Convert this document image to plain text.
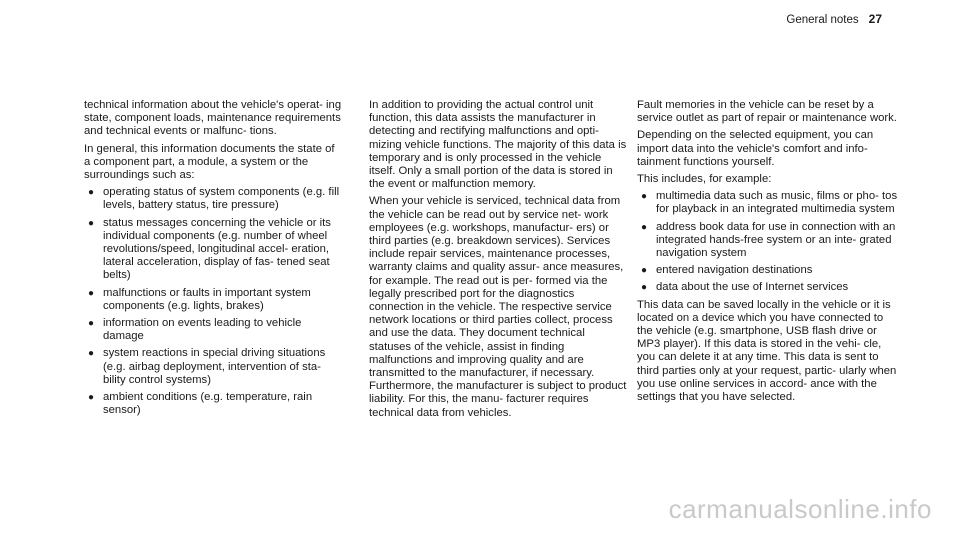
General notes 27

technical information about the vehicle's operat- ing state, component loads, maintenance requirements and technical events or malfunc- tions.

In general, this information documents the state of a component part, a module, a system or the surroundings such as:

● operating status of system components (e.g. fill levels, battery status, tire pressure)
● status messages concerning the vehicle or its individual components (e.g. number of wheel revolutions/speed, longitudinal accel- eration, lateral acceleration, display of fas- tened seat belts)
● malfunctions or faults in important system components (e.g. lights, brakes)
● information on events leading to vehicle damage
● system reactions in special driving situations (e.g. airbag deployment, intervention of sta- bility control systems)
● ambient conditions (e.g. temperature, rain sensor)

In addition to providing the actual control unit function, this data assists the manufacturer in detecting and rectifying malfunctions and opti- mizing vehicle functions. The majority of this data is temporary and is only processed in the vehicle itself. Only a small portion of the data is stored in the event or malfunction memory.

When your vehicle is serviced, technical data from the vehicle can be read out by service net- work employees (e.g. workshops, manufactur- ers) or third parties (e.g. breakdown services). Services include repair services, maintenance processes, warranty claims and quality assur- ance measures, for example. The read out is per- formed via the legally prescribed port for the diagnostics connection in the vehicle. The respective service network locations or third parties collect, process and use the data. They document technical statuses of the vehicle, assist in finding malfunctions and improving quality and are transmitted to the manufacturer, if necessary. Furthermore, the manufacturer is subject to product liability. For this, the manu- facturer requires technical data from vehicles.

Fault memories in the vehicle can be reset by a service outlet as part of repair or maintenance work.

Depending on the selected equipment, you can import data into the vehicle's comfort and info- tainment functions yourself.

This includes, for example:

● multimedia data such as music, films or pho- tos for playback in an integrated multimedia system
● address book data for use in connection with an integrated hands-free system or an inte- grated navigation system
● entered navigation destinations
● data about the use of Internet services

This data can be saved locally in the vehicle or it is located on a device which you have connected to the vehicle (e.g. smartphone, USB flash drive or MP3 player). If this data is stored in the vehi- cle, you can delete it at any time. This data is sent to third parties only at your request, partic- ularly when you use online services in accord- ance with the settings that you have selected.

carmanualsonline.info
